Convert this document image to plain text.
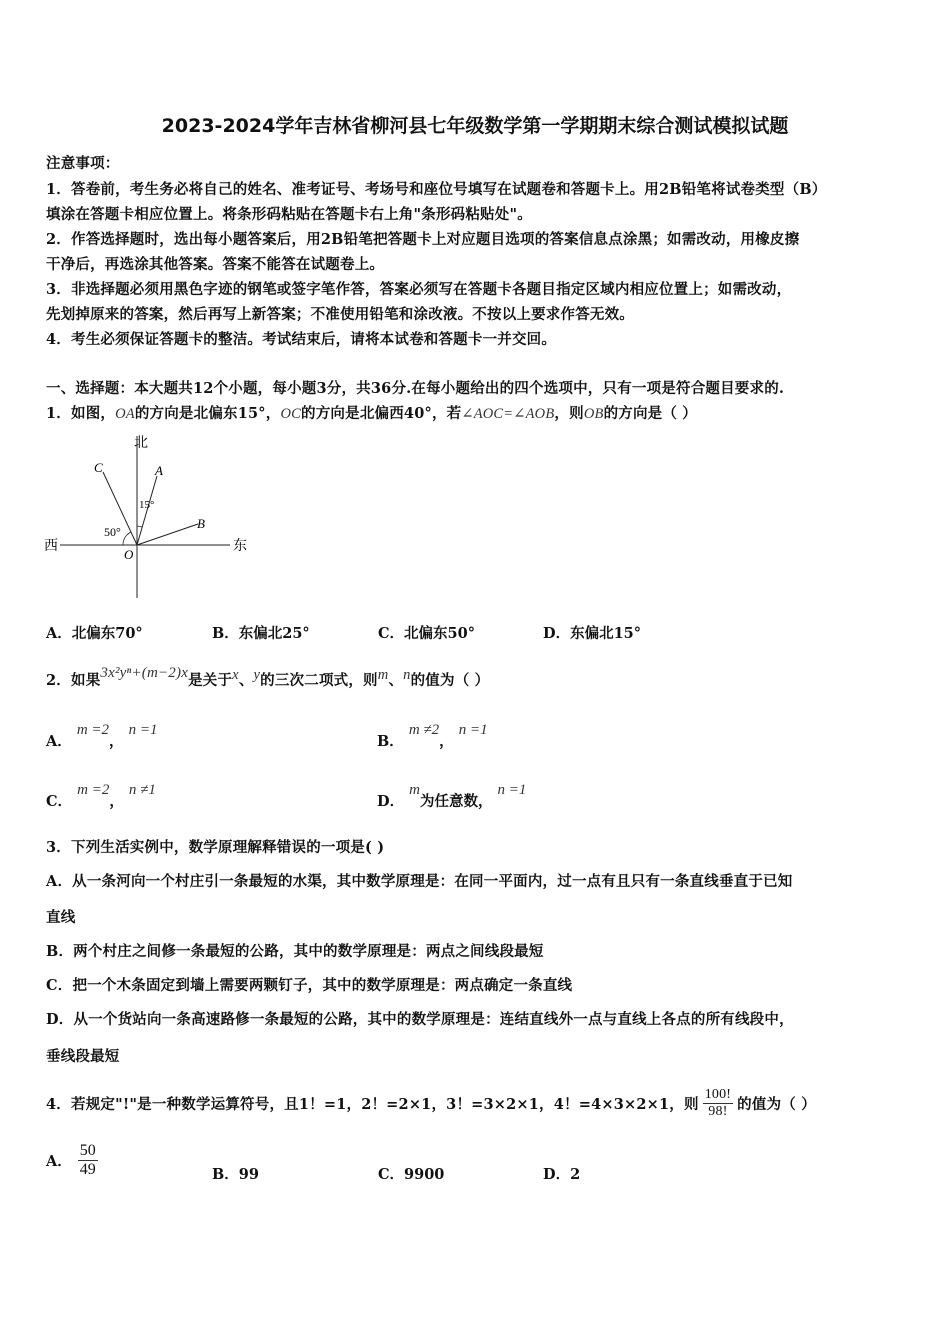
2023-2024学年吉林省柳河县七年级数学第一学期期末综合测试模拟试题
注意事项：
1．答卷前，考生务必将自己的姓名、准考证号、考场号和座位号填写在试题卷和答题卡上。用2B铅笔将试卷类型（B）
填涂在答题卡相应位置上。将条形码粘贴在答题卡右上角"条形码粘贴处"。
2．作答选择题时，选出每小题答案后，用2B铅笔把答题卡上对应题目选项的答案信息点涂黑；如需改动，用橡皮擦
干净后，再选涂其他答案。答案不能答在试题卷上。
3．非选择题必须用黑色字迹的钢笔或签字笔作答，答案必须写在答题卡各题目指定区域内相应位置上；如需改动，
先划掉原来的答案，然后再写上新答案；不准使用铅笔和涂改液。不按以上要求作答无效。
4．考生必须保证答题卡的整洁。考试结束后，请将本试卷和答题卡一并交回。
一、选择题：本大题共12个小题，每小题3分，共36分.在每小题给出的四个选项中，只有一项是符合题目要求的.
1．如图，OA的方向是北偏东15°，OC的方向是北偏西40°，若∠AOC=∠AOB，则OB的方向是（ ）
北
西	东
C	A
B
O
15°
50°
A．北偏东70°	B．东偏北25°	C．北偏东50°	D．东偏北15°
2．如果3x²yⁿ+(m−2)x是关于x、y的三次二项式，则m、n的值为（ ）
A． m =2， n =1
B． m ≠2， n =1
C． m =2， n ≠1
D． m为任意数， n =1
3．下列生活实例中，数学原理解释错误的一项是( )
A．从一条河向一个村庄引一条最短的水渠，其中数学原理是：在同一平面内，过一点有且只有一条直线垂直于已知
直线
B．两个村庄之间修一条最短的公路，其中的数学原理是：两点之间线段最短
C．把一个木条固定到墙上需要两颗钉子，其中的数学原理是：两点确定一条直线
D．从一个货站向一条高速路修一条最短的公路，其中的数学原理是：连结直线外一点与直线上各点的所有线段中，
垂线段最短
4．若规定"!"是一种数学运算符号，且1！=1，2！=2×1，3！=3×2×1，4！=4×3×2×1，则 $\frac{100!}{98!}$ 的值为（ ）
A． $\frac{50}{49}$	B．99	C．9900	D．2
